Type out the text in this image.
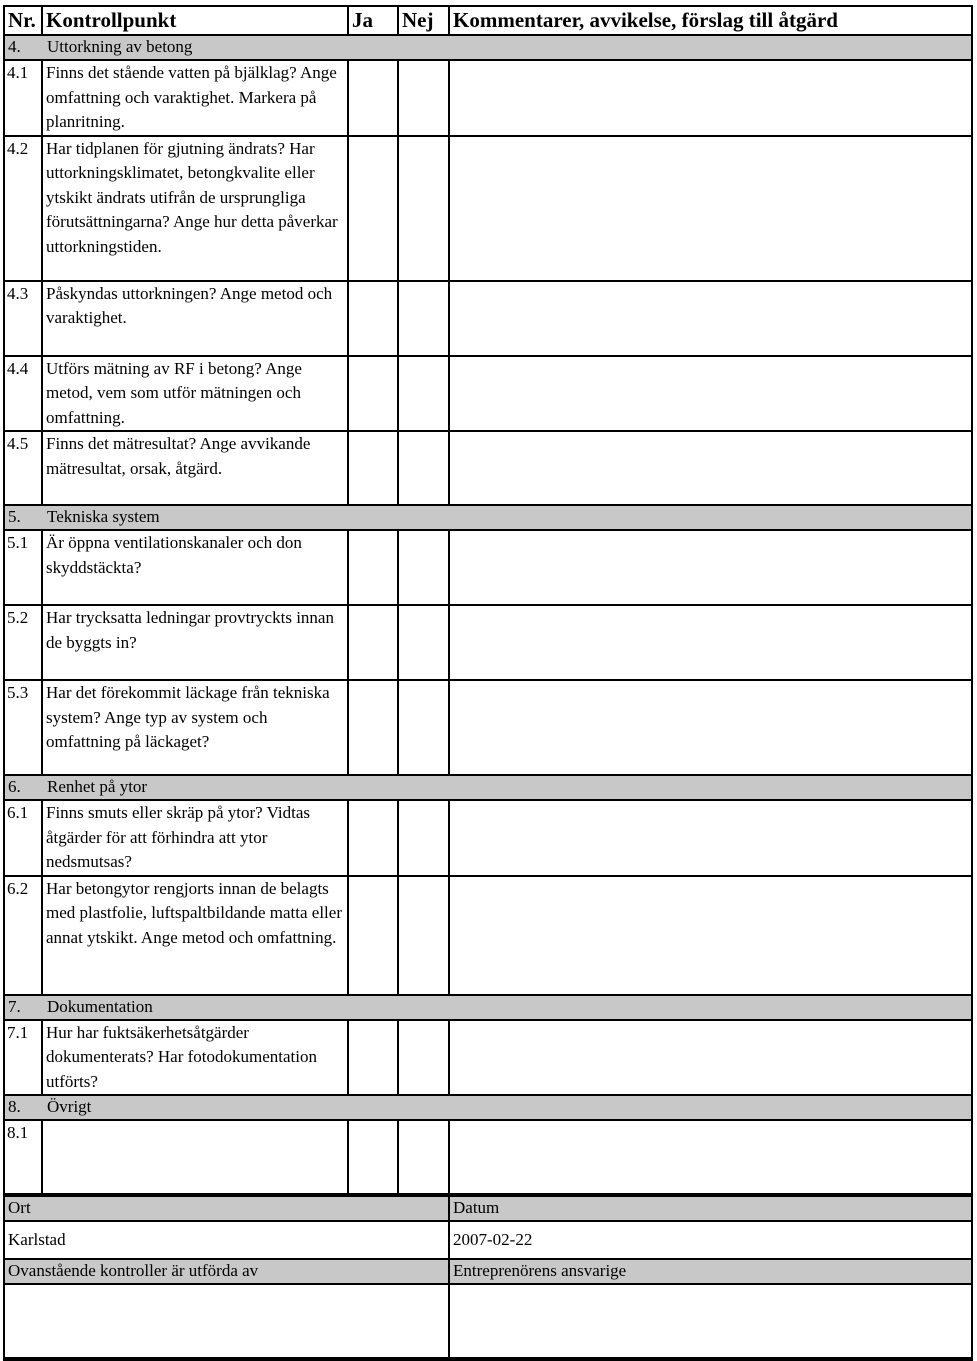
Nr.	Kontrollpunkt	Ja	Nej	Kommentarer, avvikelse, förslag till åtgärd
4. Uttorkning av betong				
4.1	Finns det stående vatten på bjälklag? Ange omfattning och varaktighet. Markera på planritning.			
4.2	Har tidplanen för gjutning ändrats? Har uttorkningsklimatet, betongkvalite eller ytskikt ändrats utifrån de ursprungliga förutsättningarna? Ange hur detta påverkar uttorkningstiden.			
4.3	Påskyndas uttorkningen? Ange metod och varaktighet.			
4.4	Utförs mätning av RF i betong? Ange metod, vem som utför mätningen och omfattning.			
4.5	Finns det mätresultat? Ange avvikande mätresultat, orsak, åtgärd.			
5. Tekniska system				
5.1	Är öppna ventilationskanaler och don skyddstäckta?			
5.2	Har trycksatta ledningar provtryckts innan de byggts in?			
5.3	Har det förekommit läckage från tekniska system? Ange typ av system och omfattning på läckaget?			
6. Renhet på ytor				
6.1	Finns smuts eller skräp på ytor? Vidtas åtgärder för att förhindra att ytor nedsmutsas?			
6.2	Har betongytor rengjorts innan de belagts med plastfolie, luftspaltbildande matta eller annat ytskikt. Ange metod och omfattning.			
7. Dokumentation				
7.1	Hur har fuktsäkerhetsåtgärder dokumenterats? Har fotodokumentation utförts?			
8. Övrigt				
8.1				
Ort	Datum
Karlstad	2007-02-22
Ovanstående kontroller är utförda av	Entreprenörens ansvarige
